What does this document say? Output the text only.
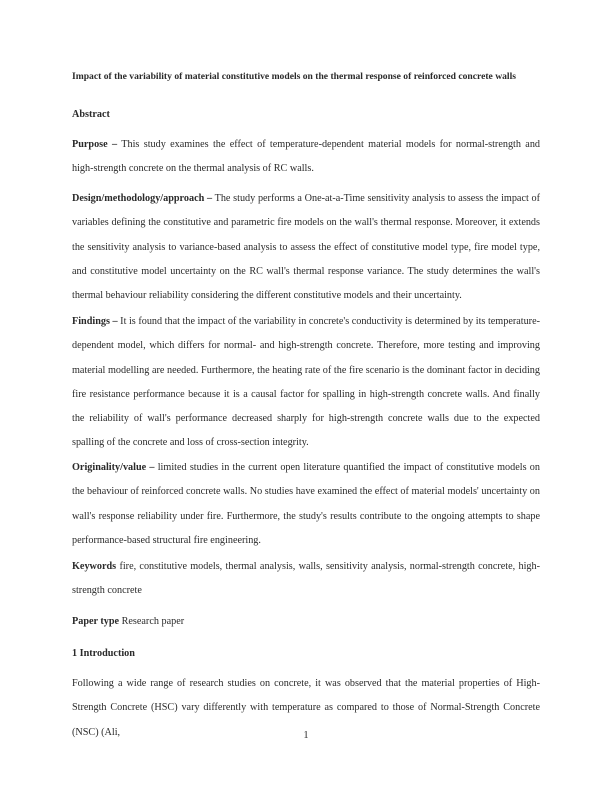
Impact of the variability of material constitutive models on the thermal response of reinforced concrete walls
Abstract

Purpose – This study examines the effect of temperature-dependent material models for normal-strength and high-strength concrete on the thermal analysis of RC walls.

Design/methodology/approach – The study performs a One-at-a-Time sensitivity analysis to assess the impact of variables defining the constitutive and parametric fire models on the wall's thermal response. Moreover, it extends the sensitivity analysis to variance-based analysis to assess the effect of constitutive model type, fire model type, and constitutive model uncertainty on the RC wall's thermal response variance. The study determines the wall's thermal behaviour reliability considering the different constitutive models and their uncertainty.

Findings – It is found that the impact of the variability in concrete's conductivity is determined by its temperature-dependent model, which differs for normal- and high-strength concrete. Therefore, more testing and improving material modelling are needed. Furthermore, the heating rate of the fire scenario is the dominant factor in deciding fire resistance performance because it is a causal factor for spalling in high-strength concrete walls. And finally the reliability of wall's performance decreased sharply for high-strength concrete walls due to the expected spalling of the concrete and loss of cross-section integrity.

Originality/value – limited studies in the current open literature quantified the impact of constitutive models on the behaviour of reinforced concrete walls. No studies have examined the effect of material models' uncertainty on wall's response reliability under fire. Furthermore, the study's results contribute to the ongoing attempts to shape performance-based structural fire engineering.

Keywords fire, constitutive models, thermal analysis, walls, sensitivity analysis, normal-strength concrete, high-strength concrete

Paper type Research paper

1 Introduction

Following a wide range of research studies on concrete, it was observed that the material properties of High-Strength Concrete (HSC) vary differently with temperature as compared to those of Normal-Strength Concrete (NSC) (Ali,	1
